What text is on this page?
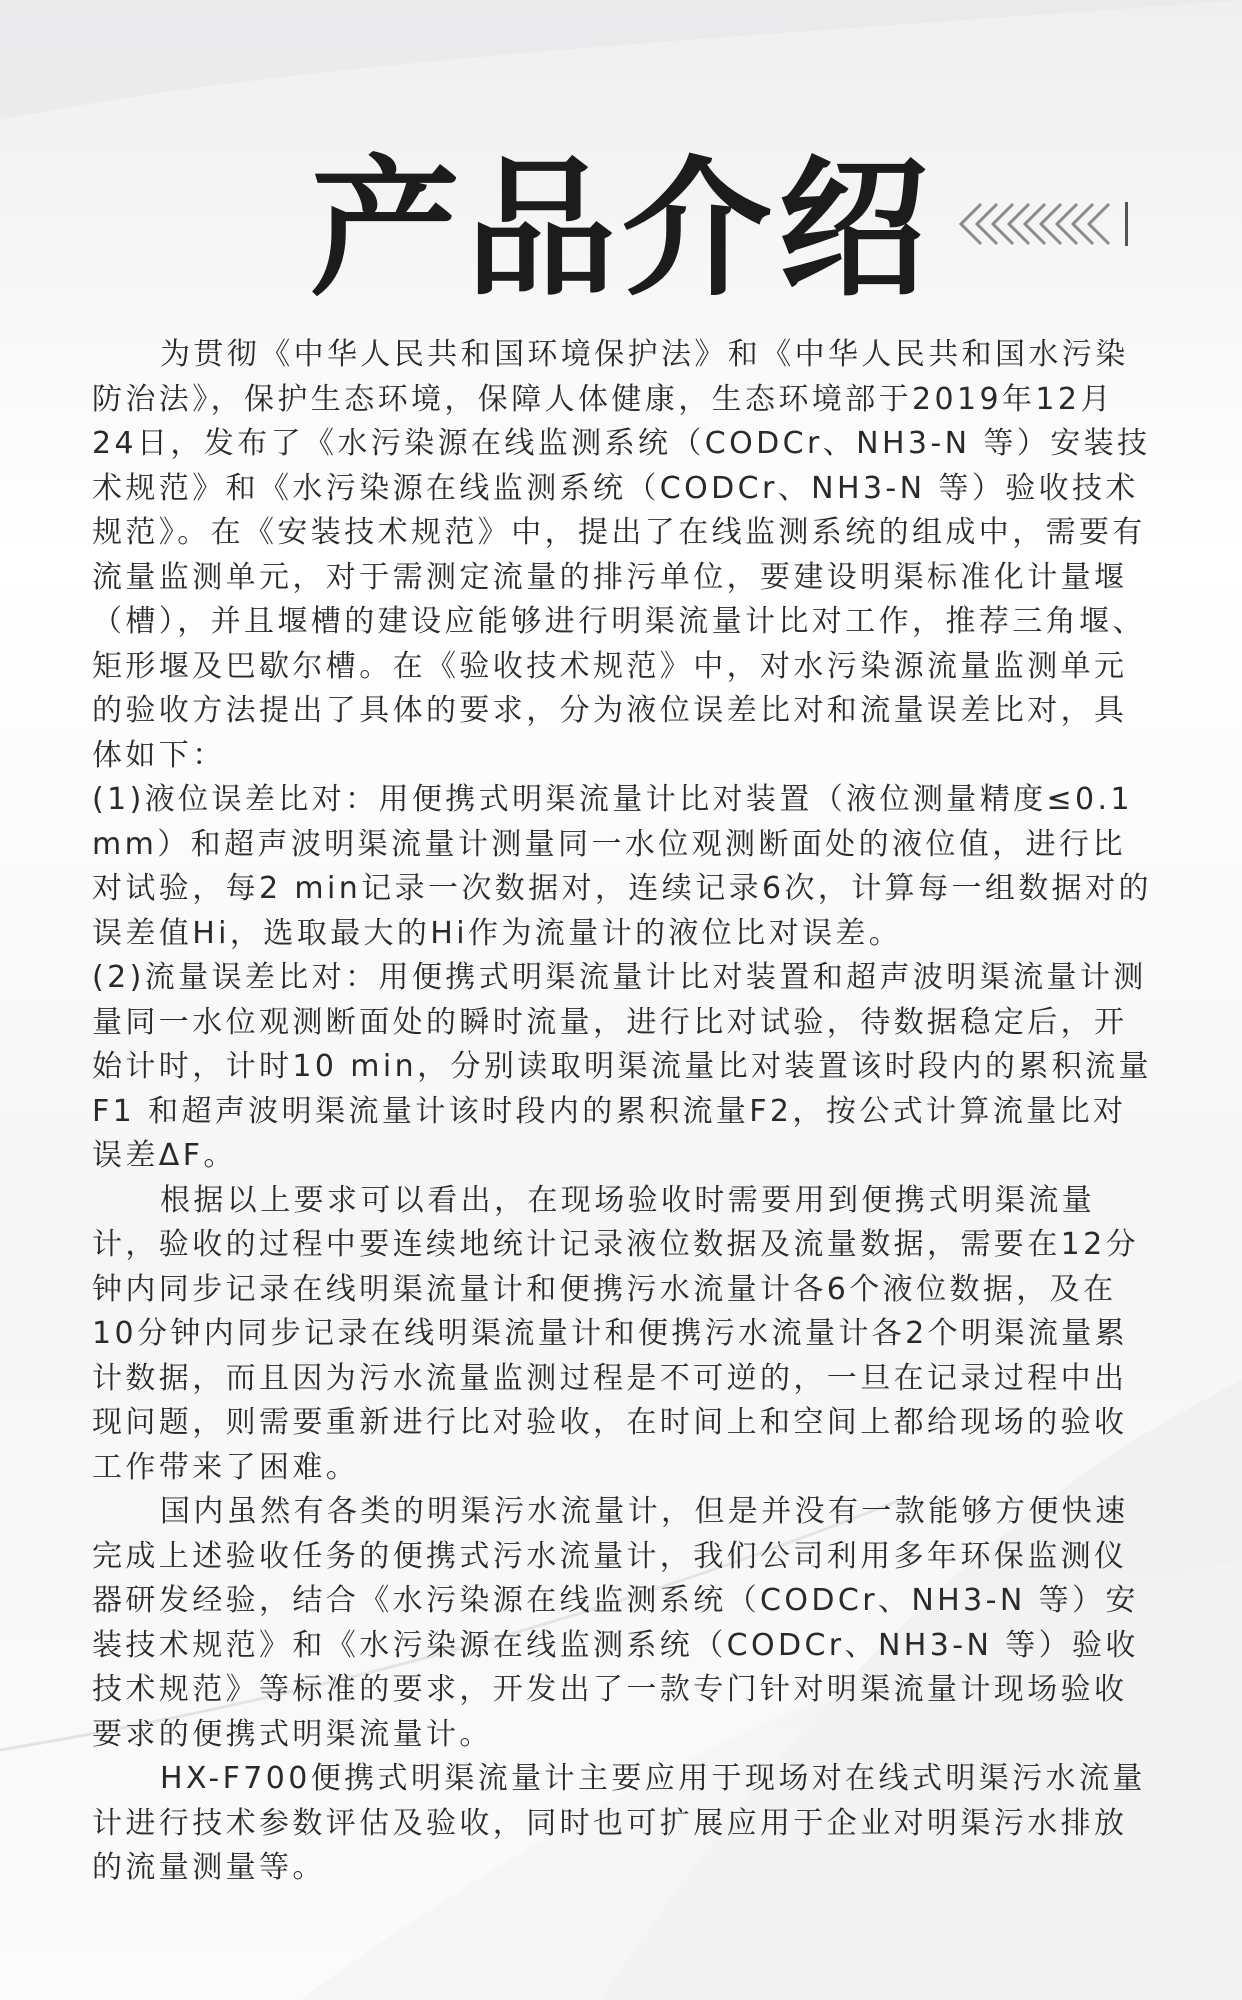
产品介绍

为贯彻《中华人民共和国环境保护法》和《中华人民共和国水污染防治法》，保护生态环境，保障人体健康，生态环境部于2019年12月24日，发布了《水污染源在线监测系统（CODCr、NH3-N 等）安装技术规范》和《水污染源在线监测系统（CODCr、NH3-N 等）验收技术规范》。在《安装技术规范》中，提出了在线监测系统的组成中，需要有流量监测单元，对于需测定流量的排污单位，要建设明渠标准化计量堰（槽），并且堰槽的建设应能够进行明渠流量计比对工作，推荐三角堰、矩形堰及巴歇尔槽。在《验收技术规范》中，对水污染源流量监测单元的验收方法提出了具体的要求，分为液位误差比对和流量误差比对，具体如下：

(1)液位误差比对：用便携式明渠流量计比对装置（液位测量精度≤0.1 mm）和超声波明渠流量计测量同一水位观测断面处的液位值，进行比对试验，每2 min记录一次数据对，连续记录6次，计算每一组数据对的误差值Hi，选取最大的Hi作为流量计的液位比对误差。

(2)流量误差比对：用便携式明渠流量计比对装置和超声波明渠流量计测量同一水位观测断面处的瞬时流量，进行比对试验，待数据稳定后，开始计时，计时10 min，分别读取明渠流量比对装置该时段内的累积流量F1 和超声波明渠流量计该时段内的累积流量F2，按公式计算流量比对误差ΔF。

根据以上要求可以看出，在现场验收时需要用到便携式明渠流量计，验收的过程中要连续地统计记录液位数据及流量数据，需要在12分钟内同步记录在线明渠流量计和便携污水流量计各6个液位数据，及在10分钟内同步记录在线明渠流量计和便携污水流量计各2个明渠流量累计数据，而且因为污水流量监测过程是不可逆的，一旦在记录过程中出现问题，则需要重新进行比对验收，在时间上和空间上都给现场的验收工作带来了困难。

国内虽然有各类的明渠污水流量计，但是并没有一款能够方便快速完成上述验收任务的便携式污水流量计，我们公司利用多年环保监测仪器研发经验，结合《水污染源在线监测系统（CODCr、NH3-N 等）安装技术规范》和《水污染源在线监测系统（CODCr、NH3-N 等）验收技术规范》等标准的要求，开发出了一款专门针对明渠流量计现场验收要求的便携式明渠流量计。

HX-F700便携式明渠流量计主要应用于现场对在线式明渠污水流量计进行技术参数评估及验收，同时也可扩展应用于企业对明渠污水排放的流量测量等。
